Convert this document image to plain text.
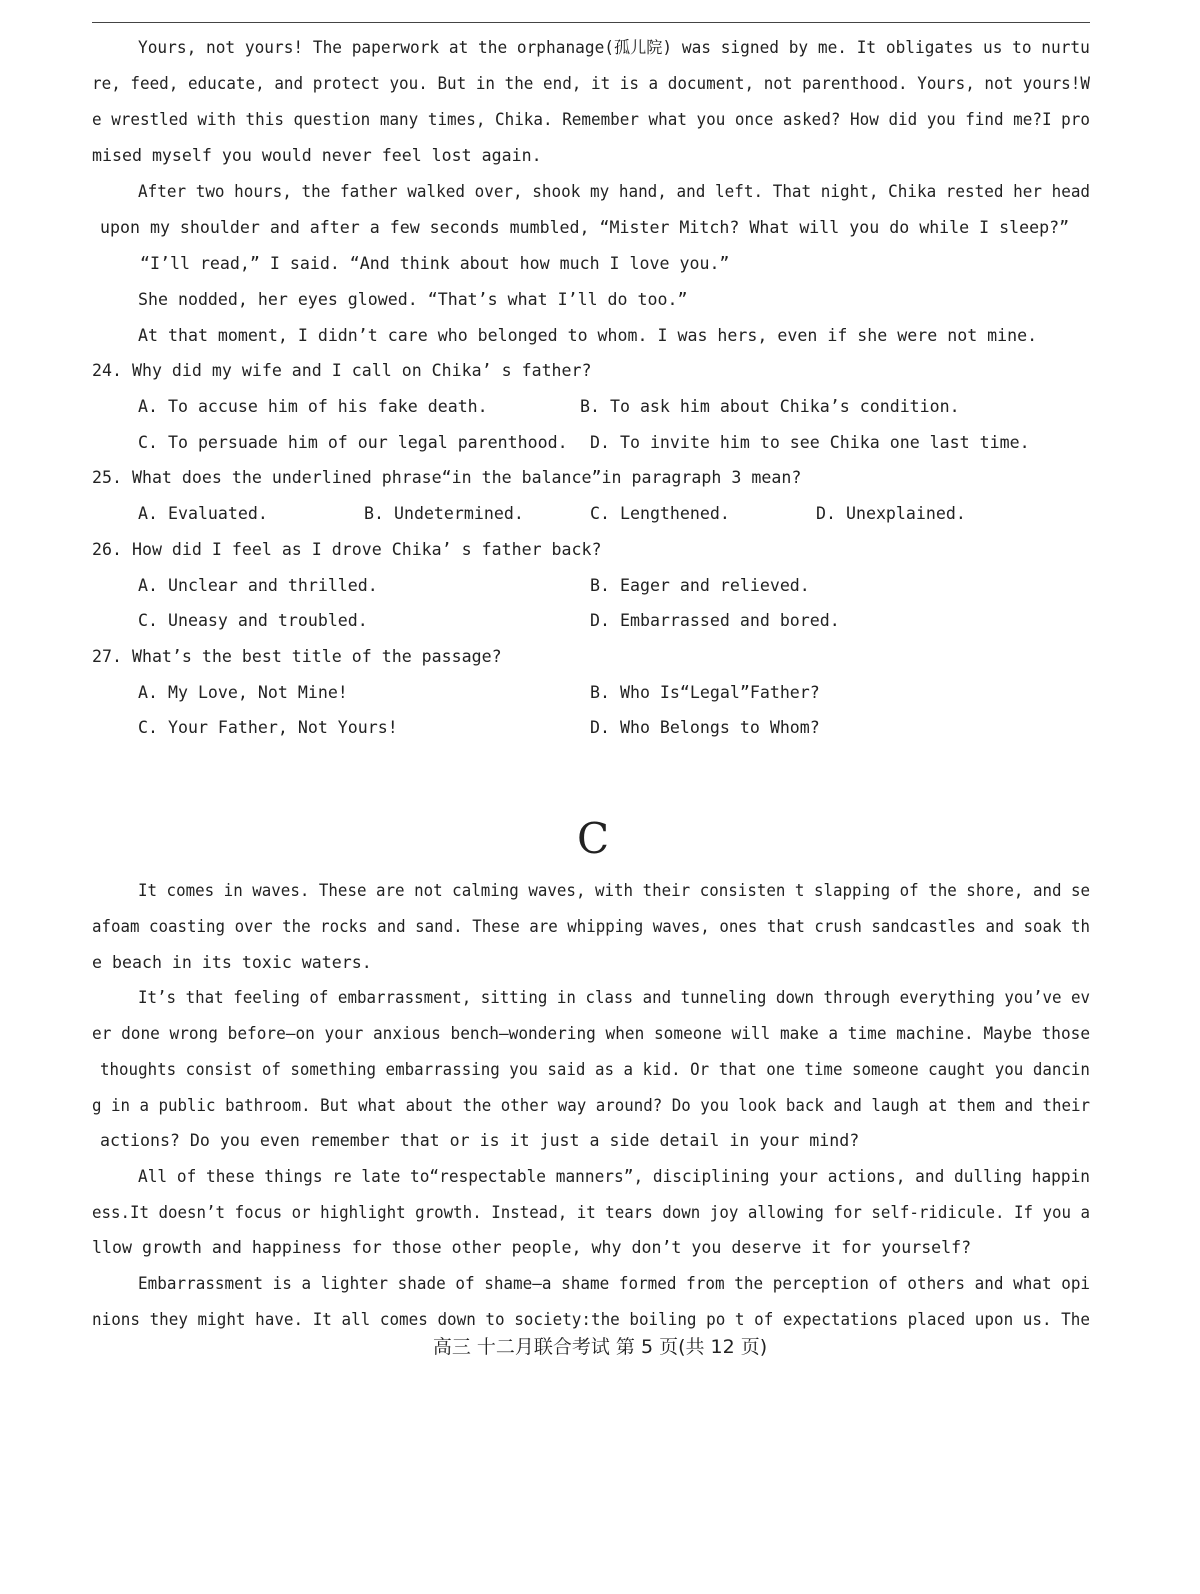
Yours, not yours! The paperwork at the orphanage(孤儿院) was signed by me. It obligates us to nurtu
re, feed, educate, and protect you. But in the end, it is a document, not parenthood. Yours, not yours!W
e wrestled with this question many times, Chika. Remember what you once asked? How did you find me?I pro
mised myself you would never feel lost again.
After two hours, the father walked over, shook my hand, and left. That night, Chika rested her head
upon my shoulder and after a few seconds mumbled, “Mister Mitch? What will you do while I sleep?”
“I’ll read,” I said. “And think about how much I love you.”
She nodded, her eyes glowed. “That’s what I’ll do too.”
At that moment, I didn’t care who belonged to whom. I was hers, even if she were not mine.
24. Why did my wife and I call on Chika’ s father?
A. To accuse him of his fake death.	B. To ask him about Chika’s condition.
C. To persuade him of our legal parenthood. D. To invite him to see Chika one last time.
25. What does the underlined phrase“in the balance”in paragraph 3 mean?
A. Evaluated.	B. Undetermined.	C. Lengthened.	D. Unexplained.
26. How did I feel as I drove Chika’ s father back?
A. Unclear and thrilled.	B. Eager and relieved.
C. Uneasy and troubled.	D. Embarrassed and bored.
27. What’s the best title of the passage?
A. My Love, Not Mine!	B. Who Is“Legal”Father?
C. Your Father, Not Yours!	D. Who Belongs to Whom?
C
It comes in waves. These are not calming waves, with their consisten t slapping of the shore, and se
afoam coasting over the rocks and sand. These are whipping waves, ones that crush sandcastles and soak th
e beach in its toxic waters.
It’s that feeling of embarrassment, sitting in class and tunneling down through everything you’ve ev
er done wrong before—on your anxious bench—wondering when someone will make a time machine. Maybe those
thoughts consist of something embarrassing you said as a kid. Or that one time someone caught you dancin
g in a public bathroom. But what about the other way around? Do you look back and laugh at them and their
actions? Do you even remember that or is it just a side detail in your mind?
All of these things re late to“respectable manners”, disciplining your actions, and dulling happin
ess.It doesn’t focus or highlight growth. Instead, it tears down joy allowing for self-ridicule. If you a
llow growth and happiness for those other people, why don’t you deserve it for yourself?
Embarrassment is a lighter shade of shame—a shame formed from the perception of others and what opi
nions they might have. It all comes down to society:the boiling po t of expectations placed upon us. The
高三 十二月联合考试 第 5 页(共 12 页)
